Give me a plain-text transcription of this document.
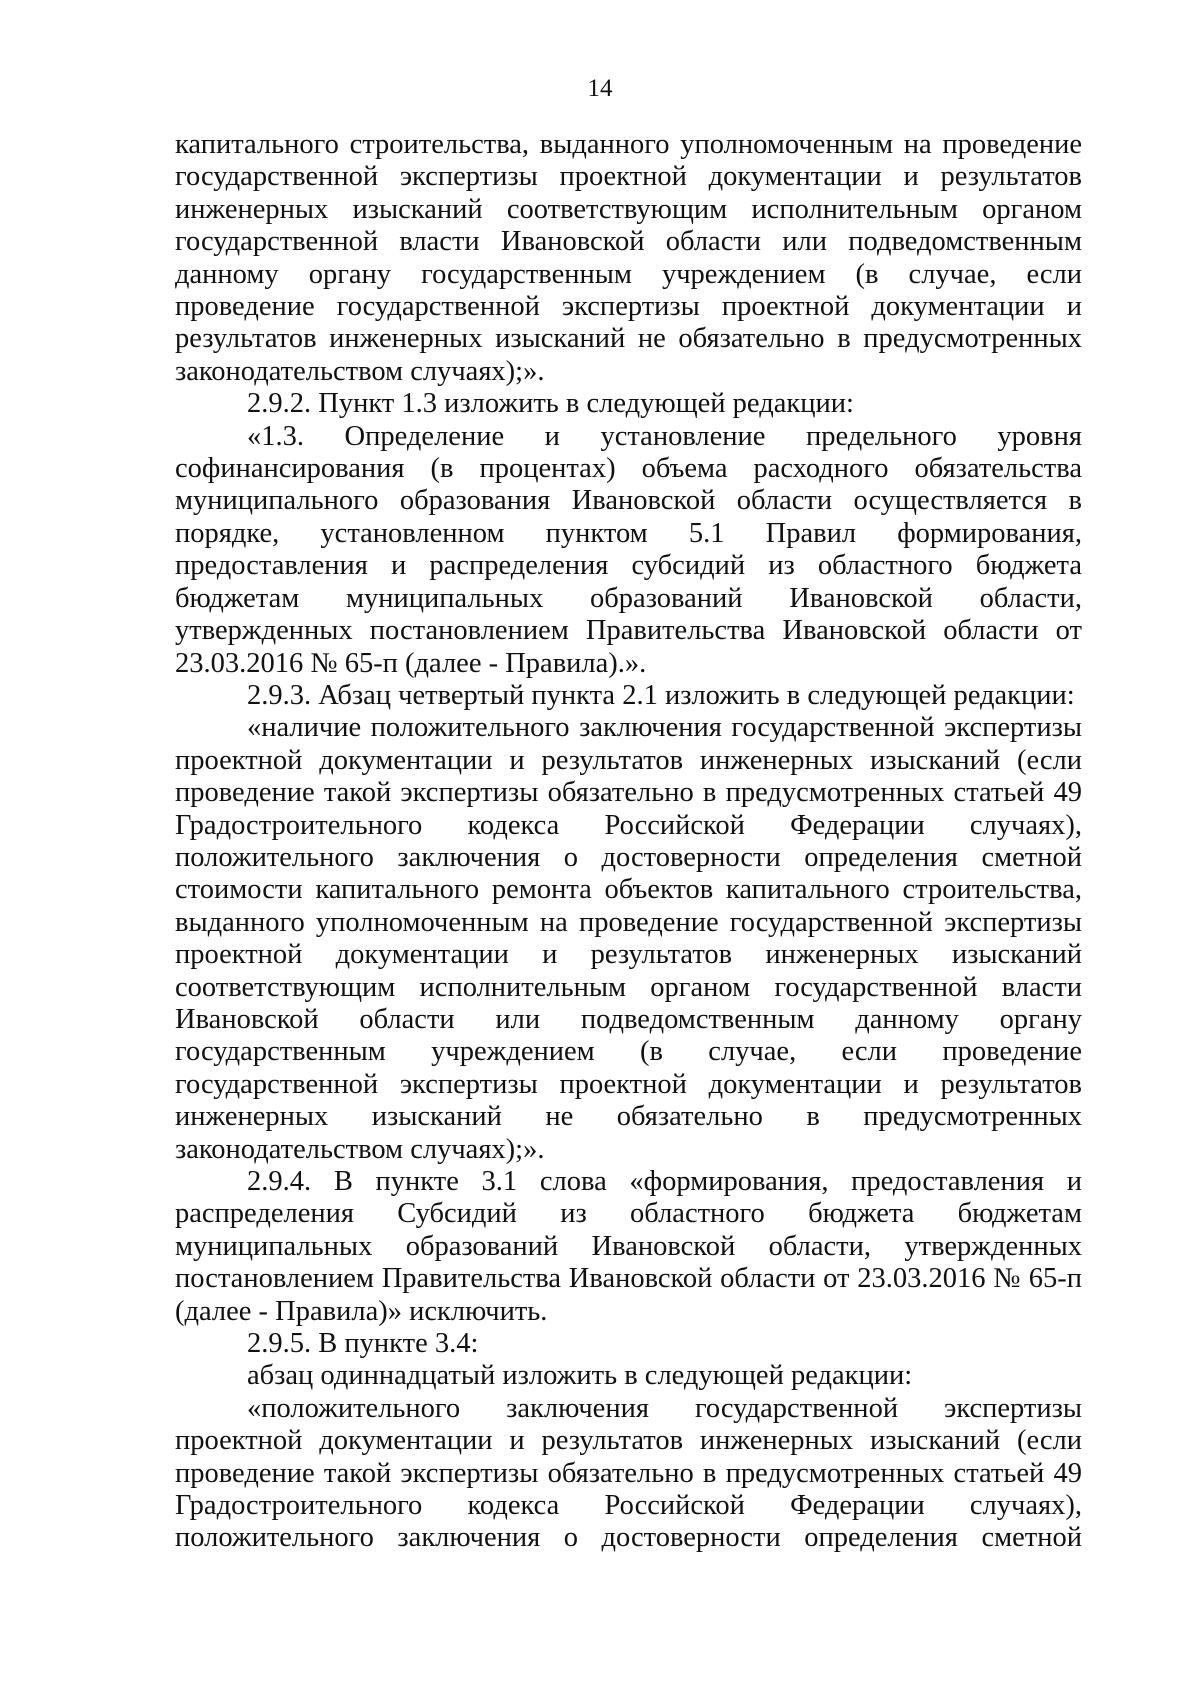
14

капитального строительства, выданного уполномоченным на проведение государственной экспертизы проектной документации и результатов инженерных изысканий соответствующим исполнительным органом государственной власти Ивановской области или подведомственным данному органу государственным учреждением (в случае, если проведение государственной экспертизы проектной документации и результатов инженерных изысканий не обязательно в предусмотренных законодательством случаях);».

2.9.2. Пункт 1.3 изложить в следующей редакции:

«1.3. Определение и установление предельного уровня софинансирования (в процентах) объема расходного обязательства муниципального образования Ивановской области осуществляется в порядке, установленном пунктом 5.1 Правил формирования, предоставления и распределения субсидий из областного бюджета бюджетам муниципальных образований Ивановской области, утвержденных постановлением Правительства Ивановской области от 23.03.2016 № 65-п (далее - Правила).».

2.9.3. Абзац четвертый пункта 2.1 изложить в следующей редакции:

«наличие положительного заключения государственной экспертизы проектной документации и результатов инженерных изысканий (если проведение такой экспертизы обязательно в предусмотренных статьей 49 Градостроительного кодекса Российской Федерации случаях), положительного заключения о достоверности определения сметной стоимости капитального ремонта объектов капитального строительства, выданного уполномоченным на проведение государственной экспертизы проектной документации и результатов инженерных изысканий соответствующим исполнительным органом государственной власти Ивановской области или подведомственным данному органу государственным учреждением (в случае, если проведение государственной экспертизы проектной документации и результатов инженерных изысканий не обязательно в предусмотренных законодательством случаях);».

2.9.4. В пункте 3.1 слова «формирования, предоставления и распределения Субсидий из областного бюджета бюджетам муниципальных образований Ивановской области, утвержденных постановлением Правительства Ивановской области от 23.03.2016 № 65-п (далее - Правила)» исключить.

2.9.5. В пункте 3.4:

абзац одиннадцатый изложить в следующей редакции:

«положительного заключения государственной экспертизы проектной документации и результатов инженерных изысканий (если проведение такой экспертизы обязательно в предусмотренных статьей 49 Градостроительного кодекса Российской Федерации случаях), положительного заключения о достоверности определения сметной
